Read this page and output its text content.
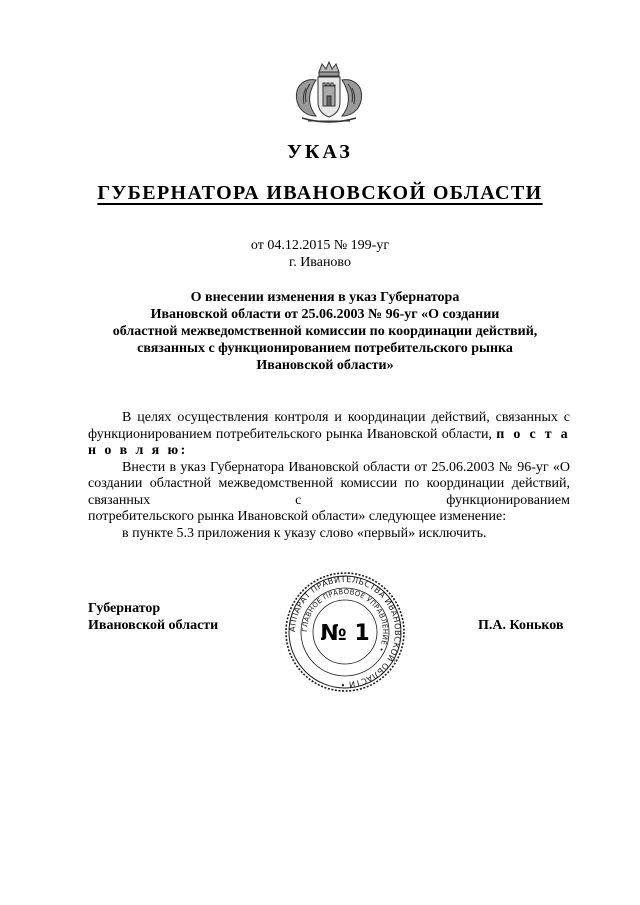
УКАЗ
ГУБЕРНАТОРА ИВАНОВСКОЙ ОБЛАСТИ
от 04.12.2015 № 199-уг
г. Иваново
О внесении изменения в указ Губернатора
Ивановской области от 25.06.2003 № 96-уг «О создании
областной межведомственной комиссии по координации действий,
связанных с функционированием потребительского рынка
Ивановской области»
В целях осуществления контроля и координации действий, связанных с функционированием потребительского рынка Ивановской области, п о с т а н о в л я ю:
Внести в указ Губернатора Ивановской области от 25.06.2003 № 96-уг «О создании областной межведомственной комиссии по координации действий, связанных с функционированием
потребительского рынка Ивановской области» следующее изменение:
в пункте 5.3 приложения к указу слово «первый» исключить.
Губернатор
Ивановской области	П.А. Коньков
АППАРАТ ПРАВИТЕЛЬСТВА ИВАНОВСКОЙ ОБЛАСТИ •
ГЛАВНОЕ ПРАВОВОЕ УПРАВЛЕНИЕ •
№ 1
